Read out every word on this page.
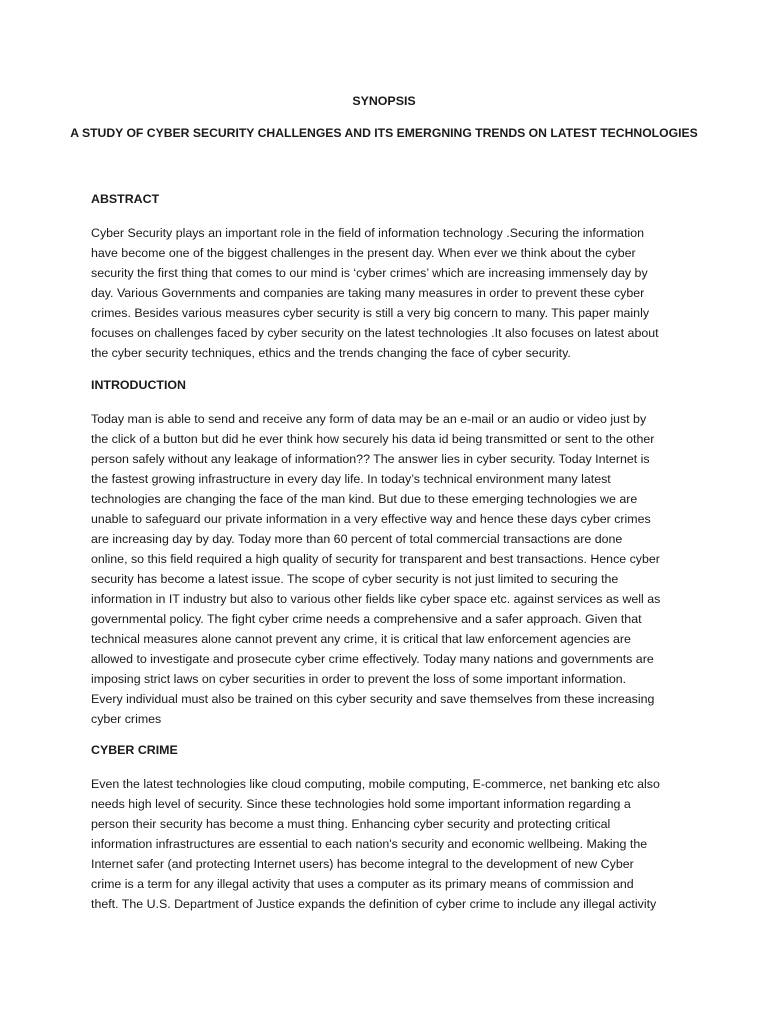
SYNOPSIS
A STUDY OF CYBER SECURITY CHALLENGES AND ITS EMERGNING TRENDS ON LATEST TECHNOLOGIES
ABSTRACT
Cyber Security plays an important role in the field of information technology .Securing the information
have become one of the biggest challenges in the present day. When ever we think about the cyber
security the first thing that comes to our mind is ‘cyber crimes’ which are increasing immensely day by
day. Various Governments and companies are taking many measures in order to prevent these cyber
crimes. Besides various measures cyber security is still a very big concern to many. This paper mainly
focuses on challenges faced by cyber security on the latest technologies .It also focuses on latest about
the cyber security techniques, ethics and the trends changing the face of cyber security.
INTRODUCTION
Today man is able to send and receive any form of data may be an e-mail or an audio or video just by
the click of a button but did he ever think how securely his data id being transmitted or sent to the other
person safely without any leakage of information?? The answer lies in cyber security. Today Internet is
the fastest growing infrastructure in every day life. In today’s technical environment many latest
technologies are changing the face of the man kind. But due to these emerging technologies we are
unable to safeguard our private information in a very effective way and hence these days cyber crimes
are increasing day by day. Today more than 60 percent of total commercial transactions are done
online, so this field required a high quality of security for transparent and best transactions. Hence cyber
security has become a latest issue. The scope of cyber security is not just limited to securing the
information in IT industry but also to various other fields like cyber space etc. against services as well as
governmental policy. The fight cyber crime needs a comprehensive and a safer approach. Given that
technical measures alone cannot prevent any crime, it is critical that law enforcement agencies are
allowed to investigate and prosecute cyber crime effectively. Today many nations and governments are
imposing strict laws on cyber securities in order to prevent the loss of some important information.
Every individual must also be trained on this cyber security and save themselves from these increasing
cyber crimes
CYBER CRIME
Even the latest technologies like cloud computing, mobile computing, E-commerce, net banking etc also
needs high level of security. Since these technologies hold some important information regarding a
person their security has become a must thing. Enhancing cyber security and protecting critical
information infrastructures are essential to each nation's security and economic wellbeing. Making the
Internet safer (and protecting Internet users) has become integral to the development of new Cyber
crime is a term for any illegal activity that uses a computer as its primary means of commission and
theft. The U.S. Department of Justice expands the definition of cyber crime to include any illegal activity
